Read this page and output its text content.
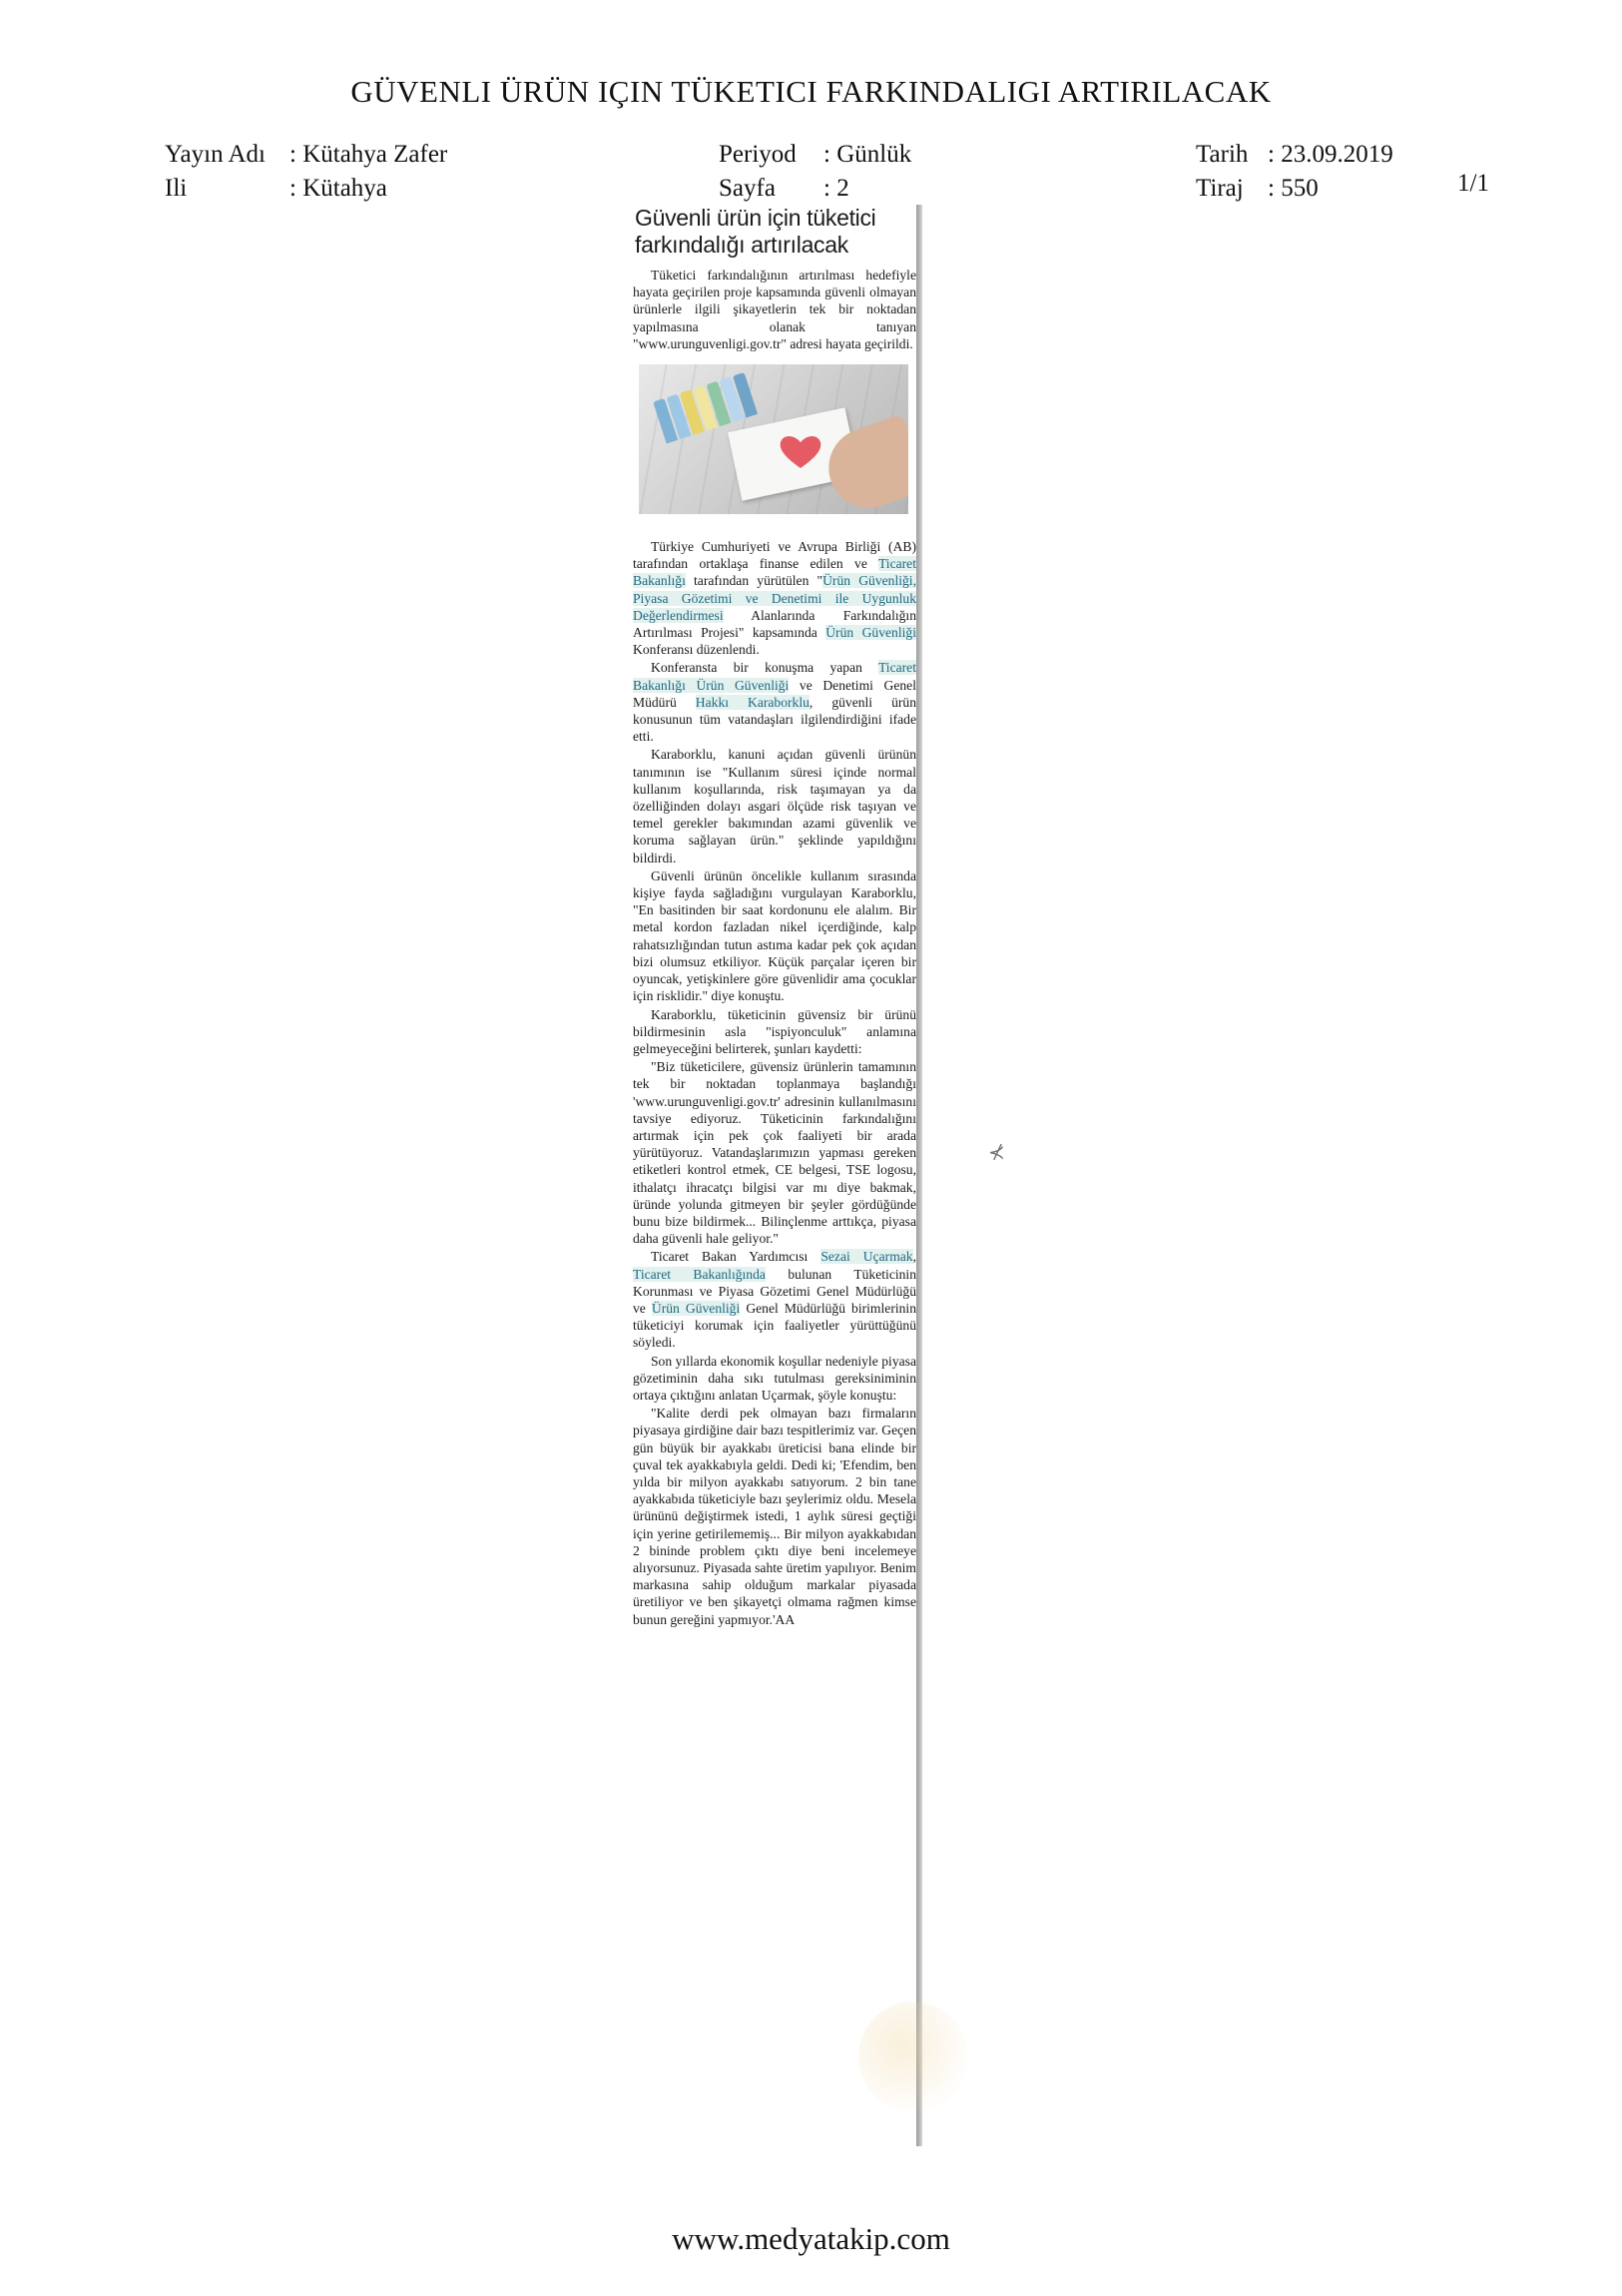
GÜVENLI ÜRÜN IÇIN TÜKETICI FARKINDALIGI ARTIRILACAK
Yayın Adı : Kütahya Zafer
Ili	: Kütahya
Periyod : Günlük
Sayfa : 2
Tarih : 23.09.2019
Tiraj : 550	1/1
Güvenli ürün için tüketici farkındalığı artırılacak

Tüketici farkındalığının artırılması hedefiyle hayata geçirilen proje kapsamında güvenli olmayan ürünlerle ilgili şikayetlerin tek bir noktadan yapılmasına olanak tanıyan "www.urunguvenligi.gov.tr" adresi hayata geçirildi.

Türkiye Cumhuriyeti ve Avrupa Birliği (AB) tarafından ortaklaşa finanse edilen ve Ticaret Bakanlığı tarafından yürütülen "Ürün Güvenliği, Piyasa Gözetimi ve Denetimi ile Uygunluk Değerlendirmesi Alanlarında Farkındalığın Artırılması Projesi" kapsamında Ürün Güvenliği Konferansı düzenlendi.

Konferansta bir konuşma yapan Ticaret Bakanlığı Ürün Güvenliği ve Denetimi Genel Müdürü Hakkı Karaborklu, güvenli ürün konusunun tüm vatandaşları ilgilendirdiğini ifade etti.

Karaborklu, kanuni açıdan güvenli ürünün tanımının ise "Kullanım süresi içinde normal kullanım koşullarında, risk taşımayan ya da özelliğinden dolayı asgari ölçüde risk taşıyan ve temel gerekler bakımından azami güvenlik ve koruma sağlayan ürün." şeklinde yapıldığını bildirdi.

Güvenli ürünün öncelikle kullanım sırasında kişiye fayda sağladığını vurgulayan Karaborklu, "En basitinden bir saat kordonunu ele alalım. Bir metal kordon fazladan nikel içerdiğinde, kalp rahatsızlığından tutun astıma kadar pek çok açıdan bizi olumsuz etkiliyor. Küçük parçalar içeren bir oyuncak, yetişkinlere göre güvenlidir ama çocuklar için risklidir." diye konuştu.

Karaborklu, tüketicinin güvensiz bir ürünü bildirmesinin asla "ispiyonculuk" anlamına gelmeyeceğini belirterek, şunları kaydetti:

"Biz tüketicilere, güvensiz ürünlerin tamamının tek bir noktadan toplanmaya başlandığı 'www.urunguvenligi.gov.tr' adresinin kullanılmasını tavsiye ediyoruz. Tüketicinin farkındalığını artırmak için pek çok faaliyeti bir arada yürütüyoruz. Vatandaşlarımızın yapması gereken etiketleri kontrol etmek, CE belgesi, TSE logosu, ithalatçı ihracatçı bilgisi var mı diye bakmak, üründe yolunda gitmeyen bir şeyler gördüğünde bunu bize bildirmek... Bilinçlenme arttıkça, piyasa daha güvenli hale geliyor."

Ticaret Bakan Yardımcısı Sezai Uçarmak, Ticaret Bakanlığında bulunan Tüketicinin Korunması ve Piyasa Gözetimi Genel Müdürlüğü ve Ürün Güvenliği Genel Müdürlüğü birimlerinin tüketiciyi korumak için faaliyetler yürüttüğünü söyledi.

Son yıllarda ekonomik koşullar nedeniyle piyasa gözetiminin daha sıkı tutulması gereksiniminin ortaya çıktığını anlatan Uçarmak, şöyle konuştu:

"Kalite derdi pek olmayan bazı firmaların piyasaya girdiğine dair bazı tespitlerimiz var. Geçen gün büyük bir ayakkabı üreticisi bana elinde bir çuval tek ayakkabıyla geldi. Dedi ki; 'Efendim, ben yılda bir milyon ayakkabı satıyorum. 2 bin tane ayakkabıda tüketiciyle bazı şeylerimiz oldu. Mesela ürününü değiştirmek istedi, 1 aylık süresi geçtiği için yerine getirilememiş... Bir milyon ayakkabıdan 2 bininde problem çıktı diye beni incelemeye alıyorsunuz. Piyasada sahte üretim yapılıyor. Benim markasına sahip olduğum markalar piyasada üretiliyor ve ben şikayetçi olmama rağmen kimse bunun gereğini yapmıyor.'AA

⊀
www.medyatakip.com
